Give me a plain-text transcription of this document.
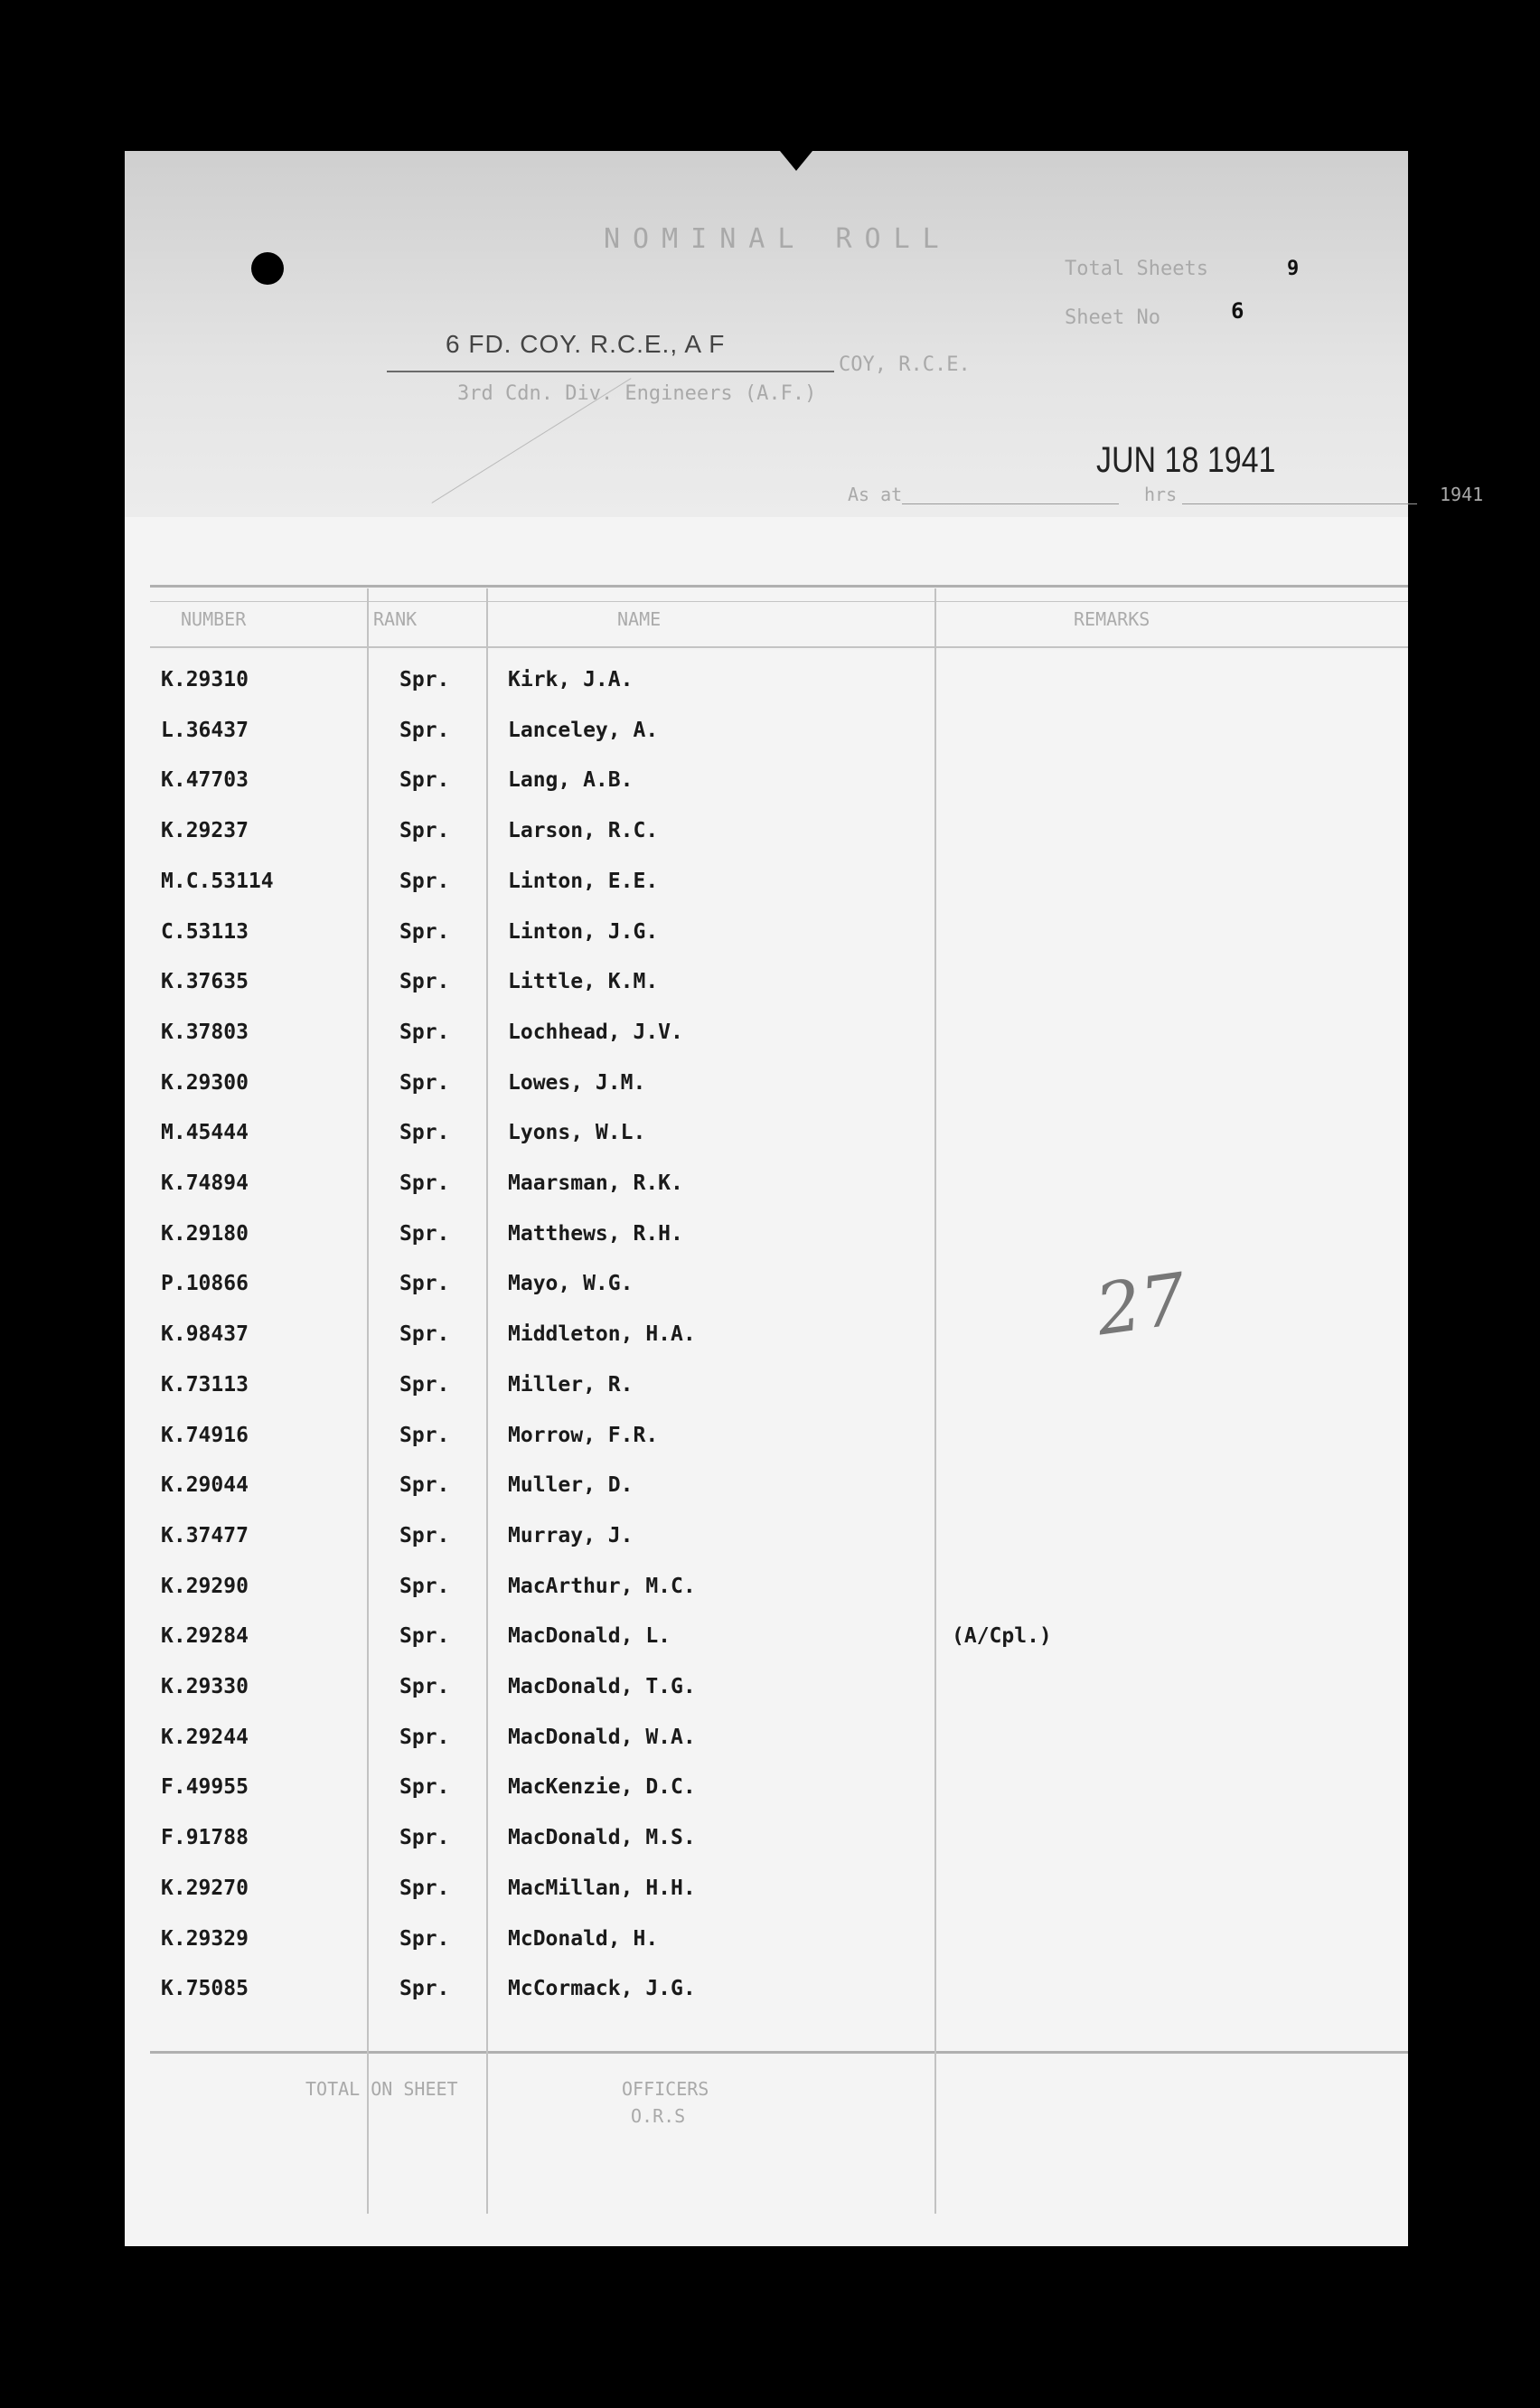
NOMINAL ROLL
6 FD. COY. R.C.E., A F
COY, R.C.E.
3rd Cdn. Div. Engineers (A.F.)
Total Sheets	9
Sheet No	6
JUN 18 1941
As at	hrs	1941
NUMBER	RANK	NAME	REMARKS
K.29310	Spr.	Kirk, J.A.
L.36437	Spr.	Lanceley, A.
K.47703	Spr.	Lang, A.B.
K.29237	Spr.	Larson, R.C.
M.C.53114	Spr.	Linton, E.E.
C.53113	Spr.	Linton, J.G.
K.37635	Spr.	Little, K.M.
K.37803	Spr.	Lochhead, J.V.
K.29300	Spr.	Lowes, J.M.
M.45444	Spr.	Lyons, W.L.
K.74894	Spr.	Maarsman, R.K.
K.29180	Spr.	Matthews, R.H.
P.10866	Spr.	Mayo, W.G.
K.98437	Spr.	Middleton, H.A.
K.73113	Spr.	Miller, R.
K.74916	Spr.	Morrow, F.R.
K.29044	Spr.	Muller, D.
K.37477	Spr.	Murray, J.
K.29290	Spr.	MacArthur, M.C.
K.29284	Spr.	MacDonald, L.	(A/Cpl.)
K.29330	Spr.	MacDonald, T.G.
K.29244	Spr.	MacDonald, W.A.
F.49955	Spr.	MacKenzie, D.C.
F.91788	Spr.	MacDonald, M.S.
K.29270	Spr.	MacMillan, H.H.
K.29329	Spr.	McDonald, H.
K.75085	Spr.	McCormack, J.G.
27
TOTAL ON SHEET	OFFICERS
O.R.S
